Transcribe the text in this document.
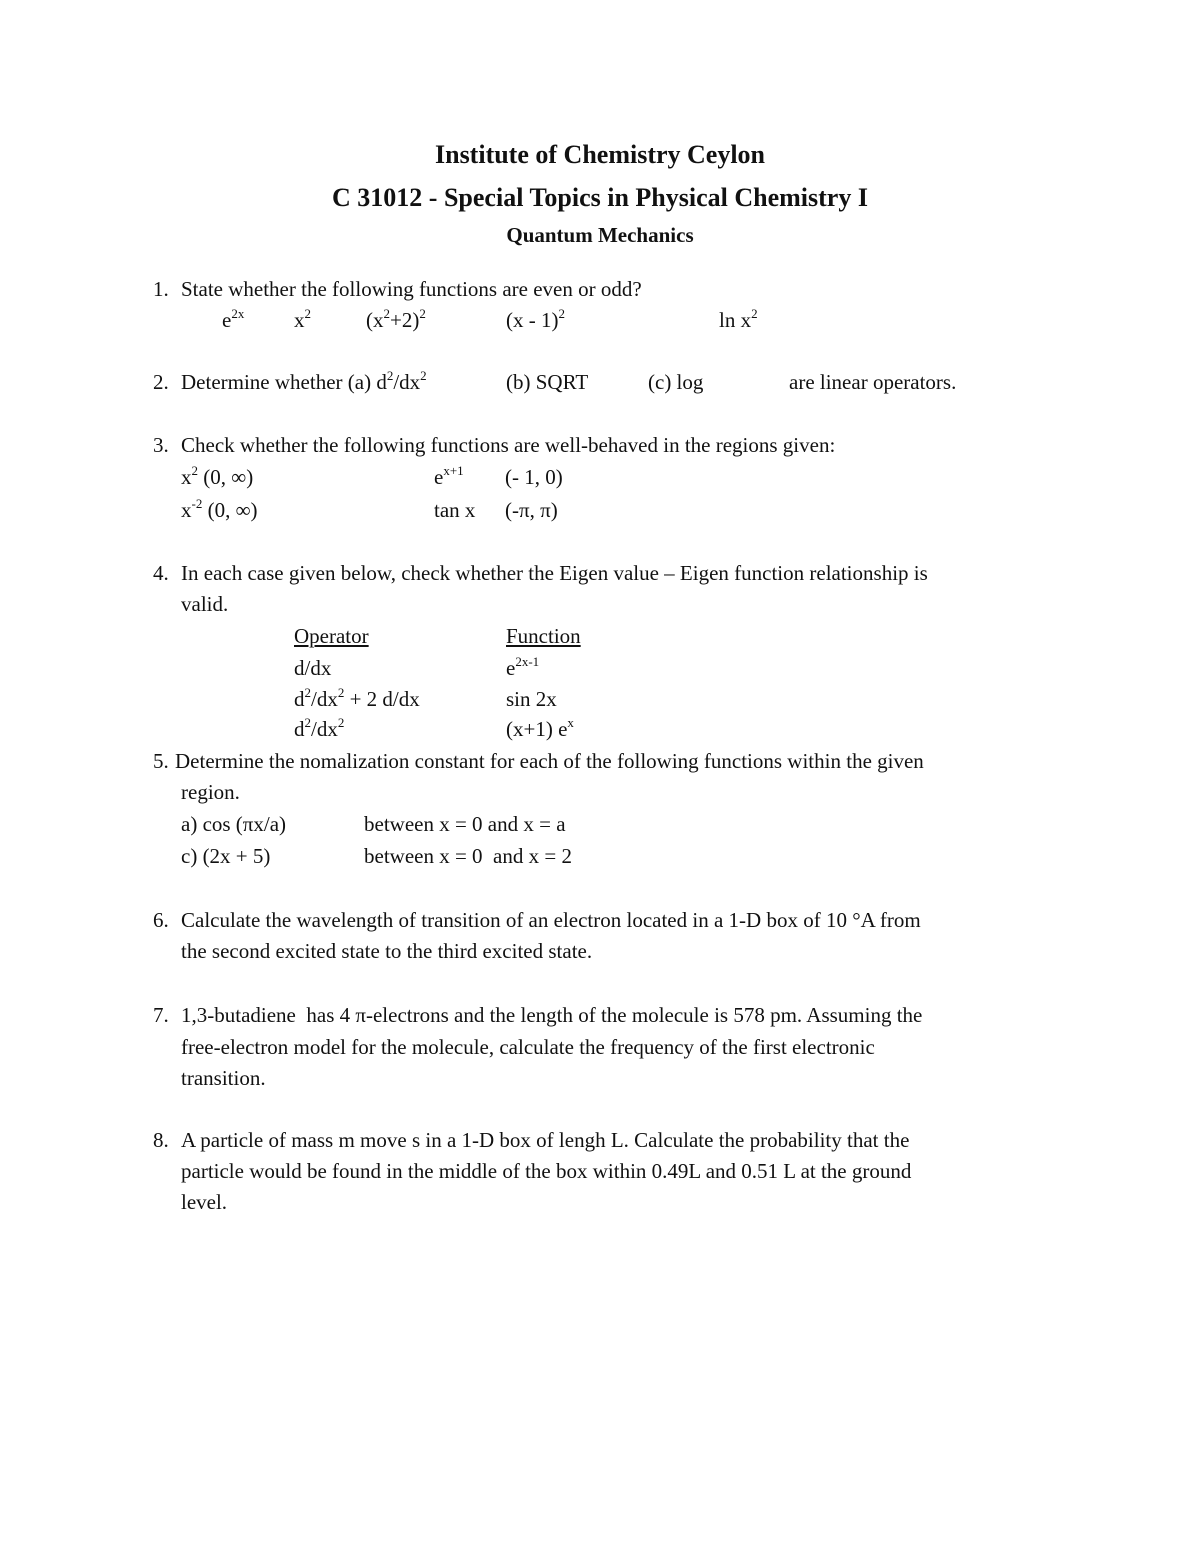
Institute of Chemistry Ceylon
C 31012 - Special Topics in Physical Chemistry I
Quantum Mechanics
1. State whether the following functions are even or odd?
$e^{2x}$ $x^2$	$(x^2+2)^2$	(x - 1)$^2$	$\ln x^2$
2. Determine whether (a) $d^2/dx^2$	(b) SQRT	(c) log	are linear operators.
3. Check whether the following functions are well-behaved in the regions given:
$x^2$ (0, ∞)	$e^{x+1}$ (- 1, 0)
$x^{-2}$ (0, ∞)	tan x (-π, π)
4. In each case given below, check whether the Eigen value – Eigen function relationship is
valid.
Operator	Function
d/dx	$e^{2x-1}$
$d^2/dx^2 + 2$ d/dx	sin 2x
$d^2/dx^2$	(x+1) $e^x$
5. Determine the nomalization constant for each of the following functions within the given
region.
a) cos (πx/a)	between x = 0 and x = a
c) (2x + 5)	between x = 0  and x = 2
6. Calculate the wavelength of transition of an electron located in a 1-D box of 10 °A from
the second excited state to the third excited state.
7. 1,3-butadiene  has 4 π-electrons and the length of the molecule is 578 pm. Assuming the
free-electron model for the molecule, calculate the frequency of the first electronic
transition.
8. A particle of mass m move s in a 1-D box of lengh L. Calculate the probability that the
particle would be found in the middle of the box within 0.49L and 0.51 L at the ground
level.
